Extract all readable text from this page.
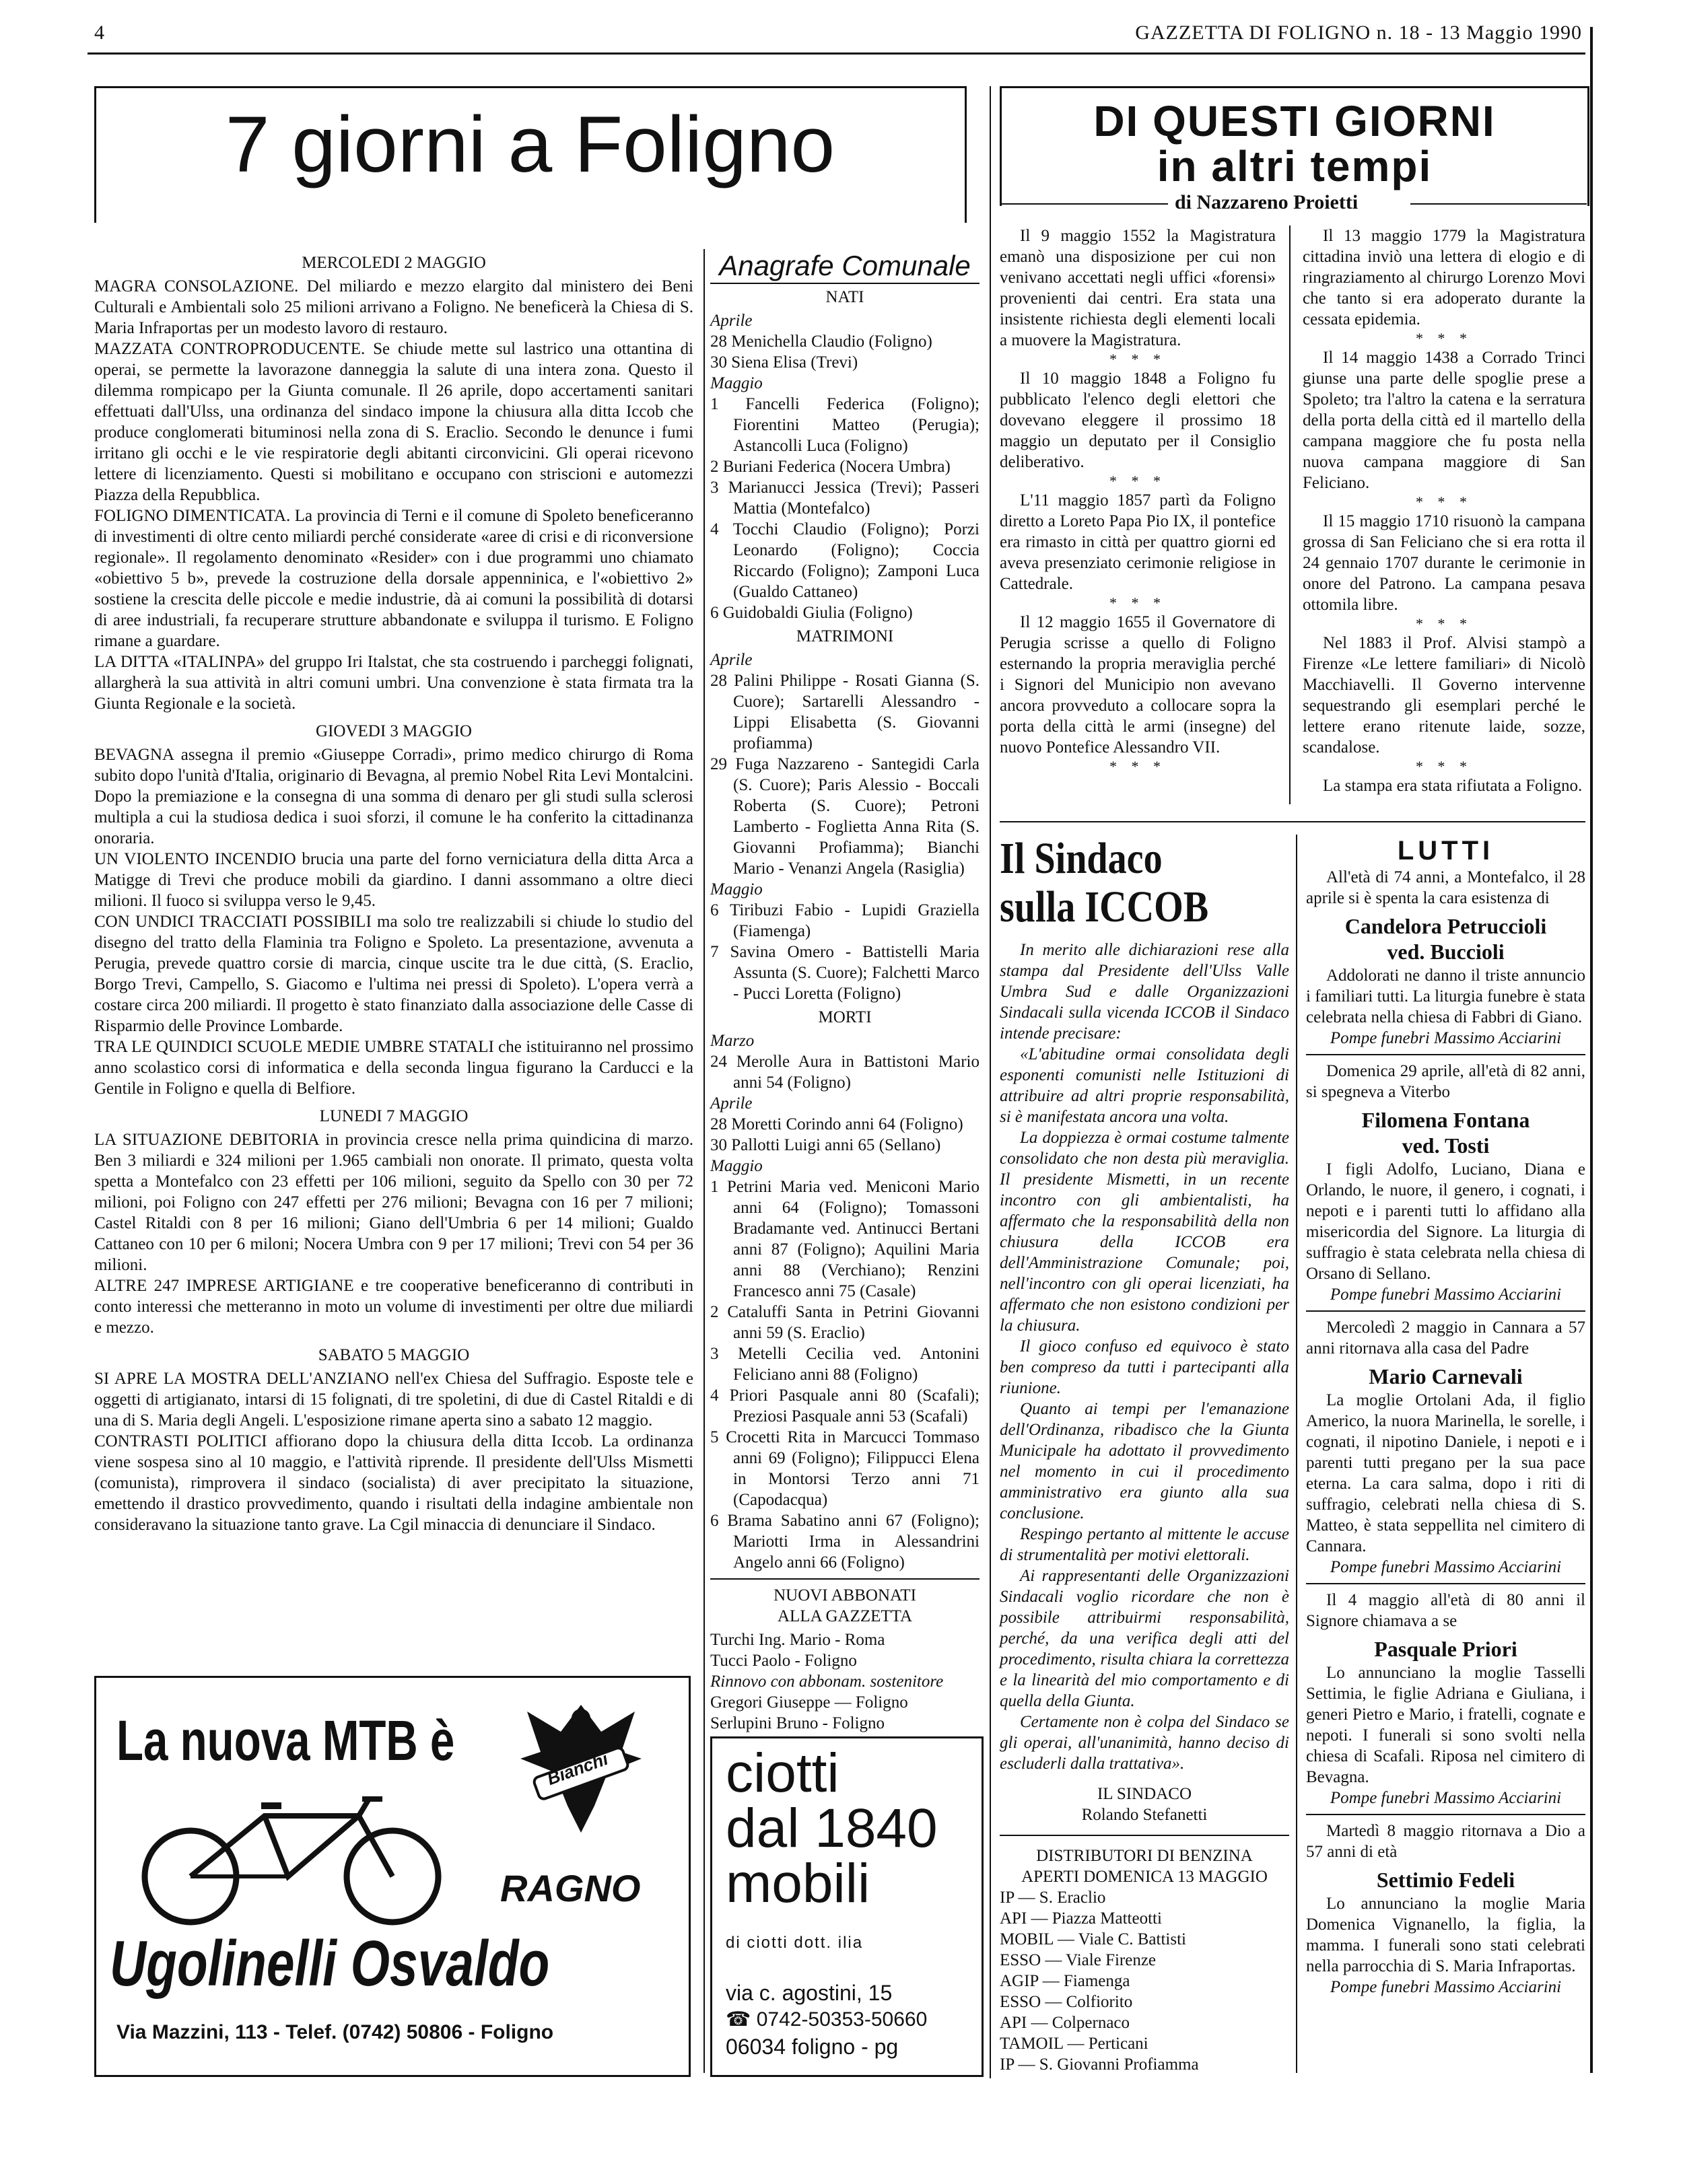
4	GAZZETTA DI FOLIGNO n. 18 - 13 Maggio 1990
7 giorni a Foligno
MERCOLEDI 2 MAGGIO

MAGRA CONSOLAZIONE. Del miliardo e mezzo elargito dal ministero dei Beni Culturali e Ambientali solo 25 milioni arrivano a Foligno. Ne beneficerà la Chiesa di S. Maria Infraportas per un modesto lavoro di restauro.

MAZZATA CONTROPRODUCENTE. Se chiude mette sul lastrico una ottantina di operai, se permette la lavorazone danneggia la salute di una intera zona. Questo il dilemma rompicapo per la Giunta comunale. Il 26 aprile, dopo accertamenti sanitari effettuati dall'Ulss, una ordinanza del sindaco impone la chiusura alla ditta Iccob che produce conglomerati bituminosi nella zona di S. Eraclio. Secondo le denunce i fumi irritano gli occhi e le vie respiratorie degli abitanti circonvicini. Gli operai ricevono lettere di licenziamento. Questi si mobilitano e occupano con striscioni e automezzi Piazza della Repubblica.

FOLIGNO DIMENTICATA. La provincia di Terni e il comune di Spoleto beneficeranno di investimenti di oltre cento miliardi perché considerate «aree di crisi e di riconversione regionale». Il regolamento denominato «Resider» con i due programmi uno chiamato «obiettivo 5 b», prevede la costruzione della dorsale appenninica, e l'«obiettivo 2» sostiene la crescita delle piccole e medie industrie, dà ai comuni la possibilità di dotarsi di aree industriali, fa recuperare strutture abbandonate e sviluppa il turismo. E Foligno rimane a guardare.

LA DITTA «ITALINPA» del gruppo Iri Italstat, che sta costruendo i parcheggi folignati, allargherà la sua attività in altri comuni umbri. Una convenzione è stata firmata tra la Giunta Regionale e la società.

GIOVEDI 3 MAGGIO

BEVAGNA assegna il premio «Giuseppe Corradi», primo medico chirurgo di Roma subito dopo l'unità d'Italia, originario di Bevagna, al premio Nobel Rita Levi Montalcini. Dopo la premiazione e la consegna di una somma di denaro per gli studi sulla sclerosi multipla a cui la studiosa dedica i suoi sforzi, il comune le ha conferito la cittadinanza onoraria.

UN VIOLENTO INCENDIO brucia una parte del forno verniciatura della ditta Arca a Matigge di Trevi che produce mobili da giardino. I danni assommano a oltre dieci milioni. Il fuoco si sviluppa verso le 9,45.

CON UNDICI TRACCIATI POSSIBILI ma solo tre realizzabili si chiude lo studio del disegno del tratto della Flaminia tra Foligno e Spoleto. La presentazione, avvenuta a Perugia, prevede quattro corsie di marcia, cinque uscite tra le due città, (S. Eraclio, Borgo Trevi, Campello, S. Giacomo e l'ultima nei pressi di Spoleto). L'opera verrà a costare circa 200 miliardi. Il progetto è stato finanziato dalla associazione delle Casse di Risparmio delle Province Lombarde.

TRA LE QUINDICI SCUOLE MEDIE UMBRE STATALI che istituiranno nel prossimo anno scolastico corsi di informatica e della seconda lingua figurano la Carducci e la Gentile in Foligno e quella di Belfiore.

LUNEDI 7 MAGGIO

LA SITUAZIONE DEBITORIA in provincia cresce nella prima quindicina di marzo. Ben 3 miliardi e 324 milioni per 1.965 cambiali non onorate. Il primato, questa volta spetta a Montefalco con 23 effetti per 106 milioni, seguito da Spello con 30 per 72 milioni, poi Foligno con 247 effetti per 276 milioni; Bevagna con 16 per 7 milioni; Castel Ritaldi con 8 per 16 milioni; Giano dell'Umbria 6 per 14 milioni; Gualdo Cattaneo con 10 per 6 miloni; Nocera Umbra con 9 per 17 milioni; Trevi con 54 per 36 milioni.

ALTRE 247 IMPRESE ARTIGIANE e tre cooperative beneficeranno di contributi in conto interessi che metteranno in moto un volume di investimenti per oltre due miliardi e mezzo.

SABATO 5 MAGGIO

SI APRE LA MOSTRA DELL'ANZIANO nell'ex Chiesa del Suffragio. Esposte tele e oggetti di artigianato, intarsi di 15 folignati, di tre spoletini, di due di Castel Ritaldi e di una di S. Maria degli Angeli. L'esposizione rimane aperta sino a sabato 12 maggio.

CONTRASTI POLITICI affiorano dopo la chiusura della ditta Iccob. La ordinanza viene sospesa sino al 10 maggio, e l'attività riprende. Il presidente dell'Ulss Mismetti (comunista), rimprovera il sindaco (socialista) di aver precipitato la situazione, emettendo il drastico provvedimento, quando i risultati della indagine ambientale non consideravano la situazione tanto grave. La Cgil minaccia di denunciare il Sindaco.

La nuova MTB è	Bianchi
RAGNO
Ugolinelli Osvaldo
Via Mazzini, 113 - Telef. (0742) 50806 - Foligno
Anagrafe Comunale
NATI
Aprile

28 Menichella Claudio (Foligno)

30 Siena Elisa (Trevi)

Maggio

1 Fancelli Federica (Foligno); Fiorentini Matteo (Perugia); Astancolli Luca (Foligno)

2 Buriani Federica (Nocera Umbra)

3 Marianucci Jessica (Trevi); Passeri Mattia (Montefalco)

4 Tocchi Claudio (Foligno); Porzi Leonardo (Foligno); Coccia Riccardo (Foligno); Zamponi Luca (Gualdo Cattaneo)

6 Guidobaldi Giulia (Foligno)

MATRIMONI
Aprile

28 Palini Philippe - Rosati Gianna (S. Cuore); Sartarelli Alessandro - Lippi Elisabetta (S. Giovanni profiamma)

29 Fuga Nazzareno - Santegidi Carla (S. Cuore); Paris Alessio - Boccali Roberta (S. Cuore); Petroni Lamberto - Foglietta Anna Rita (S. Giovanni Profiamma); Bianchi Mario - Venanzi Angela (Rasiglia)

Maggio

6 Tiribuzi Fabio - Lupidi Graziella (Fiamenga)

7 Savina Omero - Battistelli Maria Assunta (S. Cuore); Falchetti Marco - Pucci Loretta (Foligno)

MORTI
Marzo

24 Merolle Aura in Battistoni Mario anni 54 (Foligno)

Aprile

28 Moretti Corindo anni 64 (Foligno)

30 Pallotti Luigi anni 65 (Sellano)

Maggio

1 Petrini Maria ved. Meniconi Mario anni 64 (Foligno); Tomassoni Bradamante ved. Antinucci Bertani anni 87 (Foligno); Aquilini Maria anni 88 (Verchiano); Renzini Francesco anni 75 (Casale)

2 Cataluffi Santa in Petrini Giovanni anni 59 (S. Eraclio)

3 Metelli Cecilia ved. Antonini Feliciano anni 88 (Foligno)

4 Priori Pasquale anni 80 (Scafali); Preziosi Pasquale anni 53 (Scafali)

5 Crocetti Rita in Marcucci Tommaso anni 69 (Foligno); Filippucci Elena in Montorsi Terzo anni 71 (Capodacqua)

6 Brama Sabatino anni 67 (Foligno); Mariotti Irma in Alessandrini Angelo anni 66 (Foligno)

NUOVI ABBONATI ALLA GAZZETTA
Turchi Ing. Mario - Roma
Tucci Paolo - Foligno
Rinnovo con abbonam. sostenitore
Gregori Giuseppe — Foligno
Serlupini Bruno - Foligno
ciotti
dal 1840
mobili
di ciotti dott. ilia
via c. agostini, 15
☎ 0742-50353-50660
06034 foligno - pg
DI QUESTI GIORNI
in altri tempi
di Nazzareno Proietti

Il 9 maggio 1552 la Magistratura emanò una disposizione per cui non venivano accettati negli uffici «forensi» provenienti dai centri. Era stata una insistente richiesta degli elementi locali a muovere la Magistratura.

* * *

Il 10 maggio 1848 a Foligno fu pubblicato l'elenco degli elettori che dovevano eleggere il prossimo 18 maggio un deputato per il Consiglio deliberativo.

* * *

L'11 maggio 1857 partì da Foligno diretto a Loreto Papa Pio IX, il pontefice era rimasto in città per quattro giorni ed aveva presenziato cerimonie religiose in Cattedrale.

* * *

Il 12 maggio 1655 il Governatore di Perugia scrisse a quello di Foligno esternando la propria meraviglia perché i Signori del Municipio non avevano ancora provveduto a collocare sopra la porta della città le armi (insegne) del nuovo Pontefice Alessandro VII.

* * *

Il 13 maggio 1779 la Magistratura cittadina inviò una lettera di elogio e di ringraziamento al chirurgo Lorenzo Movi che tanto si era adoperato durante la cessata epidemia.

* * *

Il 14 maggio 1438 a Corrado Trinci giunse una parte delle spoglie prese a Spoleto; tra l'altro la catena e la serratura della porta della città ed il martello della campana maggiore che fu posta nella nuova campana maggiore di San Feliciano.

* * *

Il 15 maggio 1710 risuonò la campana grossa di San Feliciano che si era rotta il 24 gennaio 1707 durante le cerimonie in onore del Patrono. La campana pesava ottomila libre.

* * *

Nel 1883 il Prof. Alvisi stampò a Firenze «Le lettere familiari» di Nicolò Macchiavelli. Il Governo intervenne sequestrando gli esemplari perché le lettere erano ritenute laide, sozze, scandalose.

* * *

La stampa era stata rifiutata a Foligno.

Il Sindaco
sulla ICCOB

In merito alle dichiarazioni rese alla stampa dal Presidente dell'Ulss Valle Umbra Sud e dalle Organizzazioni Sindacali sulla vicenda ICCOB il Sindaco intende precisare:

«L'abitudine ormai consolidata degli esponenti comunisti nelle Istituzioni di attribuire ad altri proprie responsabilità, si è manifestata ancora una volta.

La doppiezza è ormai costume talmente consolidato che non desta più meraviglia. Il presidente Mismetti, in un recente incontro con gli ambientalisti, ha affermato che la responsabilità della non chiusura della ICCOB era dell'Amministrazione Comunale; poi, nell'incontro con gli operai licenziati, ha affermato che non esistono condizioni per la chiusura.

Il gioco confuso ed equivoco è stato ben compreso da tutti i partecipanti alla riunione.

Quanto ai tempi per l'emanazione dell'Ordinanza, ribadisco che la Giunta Municipale ha adottato il provvedimento nel momento in cui il procedimento amministrativo era giunto alla sua conclusione.

Respingo pertanto al mittente le accuse di strumentalità per motivi elettorali.

Ai rappresentanti delle Organizzazioni Sindacali voglio ricordare che non è possibile attribuirmi responsabilità, perché, da una verifica degli atti del procedimento, risulta chiara la correttezza e la linearità del mio comportamento e di quella della Giunta.

Certamente non è colpa del Sindaco se gli operai, all'unanimità, hanno deciso di escluderli dalla trattativa».

IL SINDACO
Rolando Stefanetti
DISTRIBUTORI DI BENZINA
APERTI DOMENICA 13 MAGGIO
IP — S. Eraclio
API — Piazza Matteotti
MOBIL — Viale C. Battisti
ESSO — Viale Firenze
AGIP — Fiamenga
ESSO — Colfiorito
API — Colpernaco
TAMOIL — Perticani
IP — S. Giovanni Profiamma
LUTTI

All'età di 74 anni, a Montefalco, il 28 aprile si è spenta la cara esistenza di

Candelora Petruccioli
ved. Buccioli

Addolorati ne danno il triste annuncio i familiari tutti. La liturgia funebre è stata celebrata nella chiesa di Fabbri di Giano.

Pompe funebri Massimo Acciarini

Domenica 29 aprile, all'età di 82 anni, si spegneva a Viterbo

Filomena Fontana
ved. Tosti

I figli Adolfo, Luciano, Diana e Orlando, le nuore, il genero, i cognati, i nepoti e i parenti tutti lo affidano alla misericordia del Signore. La liturgia di suffragio è stata celebrata nella chiesa di Orsano di Sellano.

Pompe funebri Massimo Acciarini

Mercoledì 2 maggio in Cannara a 57 anni ritornava alla casa del Padre

Mario Carnevali

La moglie Ortolani Ada, il figlio Americo, la nuora Marinella, le sorelle, i cognati, il nipotino Daniele, i nepoti e i parenti tutti pregano per la sua pace eterna. La cara salma, dopo i riti di suffragio, celebrati nella chiesa di S. Matteo, è stata seppellita nel cimitero di Cannara.

Pompe funebri Massimo Acciarini

Il 4 maggio all'età di 80 anni il Signore chiamava a se

Pasquale Priori

Lo annunciano la moglie Tasselli Settimia, le figlie Adriana e Giuliana, i generi Pietro e Mario, i fratelli, cognate e nepoti. I funerali si sono svolti nella chiesa di Scafali. Riposa nel cimitero di Bevagna.

Pompe funebri Massimo Acciarini

Martedì 8 maggio ritornava a Dio a 57 anni di età

Settimio Fedeli

Lo annunciano la moglie Maria Domenica Vignanello, la figlia, la mamma. I funerali sono stati celebrati nella parrocchia di S. Maria Infraportas.

Pompe funebri Massimo Acciarini
